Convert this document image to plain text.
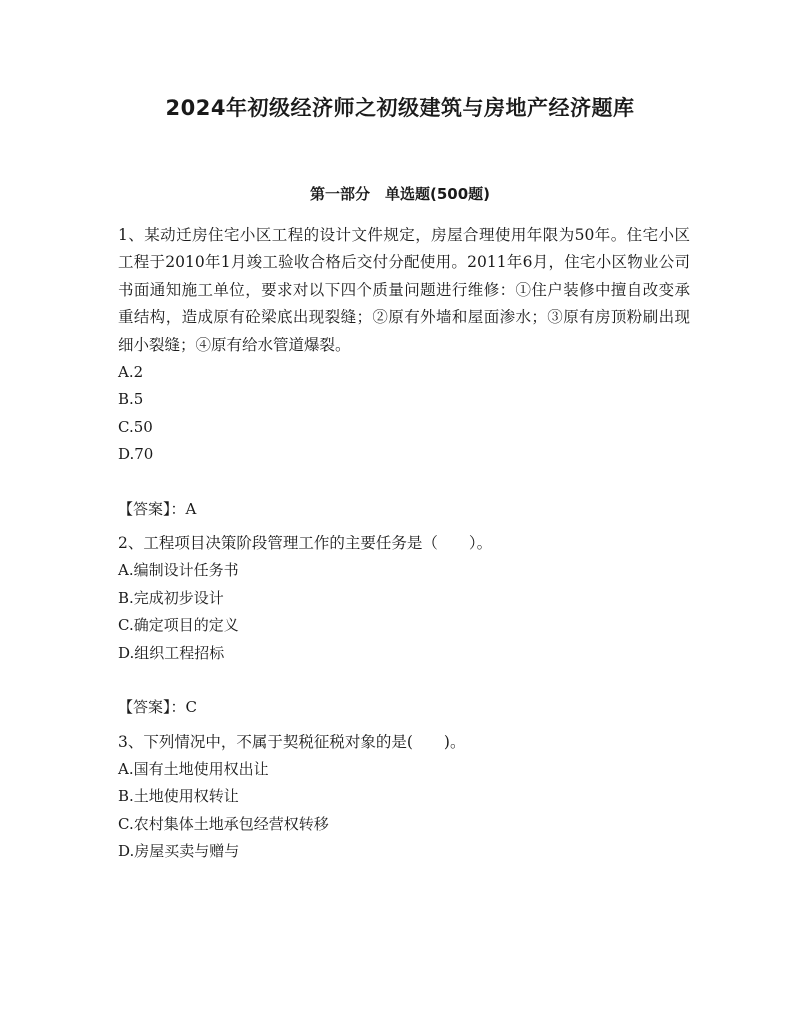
2024年初级经济师之初级建筑与房地产经济题库
第一部分　单选题(500题)

1、某动迁房住宅小区工程的设计文件规定，房屋合理使用年限为50年。住宅小区工程于2010年1月竣工验收合格后交付分配使用。2011年6月，住宅小区物业公司书面通知施工单位，要求对以下四个质量问题进行维修：①住户装修中擅自改变承重结构，造成原有砼梁底出现裂缝；②原有外墙和屋面渗水；③原有房顶粉刷出现细小裂缝；④原有给水管道爆裂。

A.2

B.5

C.50

D.70

【答案】：A

2、工程项目决策阶段管理工作的主要任务是（　　）。

A.编制设计任务书

B.完成初步设计

C.确定项目的定义

D.组织工程招标

【答案】：C

3、下列情况中，不属于契税征税对象的是(　　)。

A.国有土地使用权出让

B.土地使用权转让

C.农村集体土地承包经营权转移

D.房屋买卖与赠与
